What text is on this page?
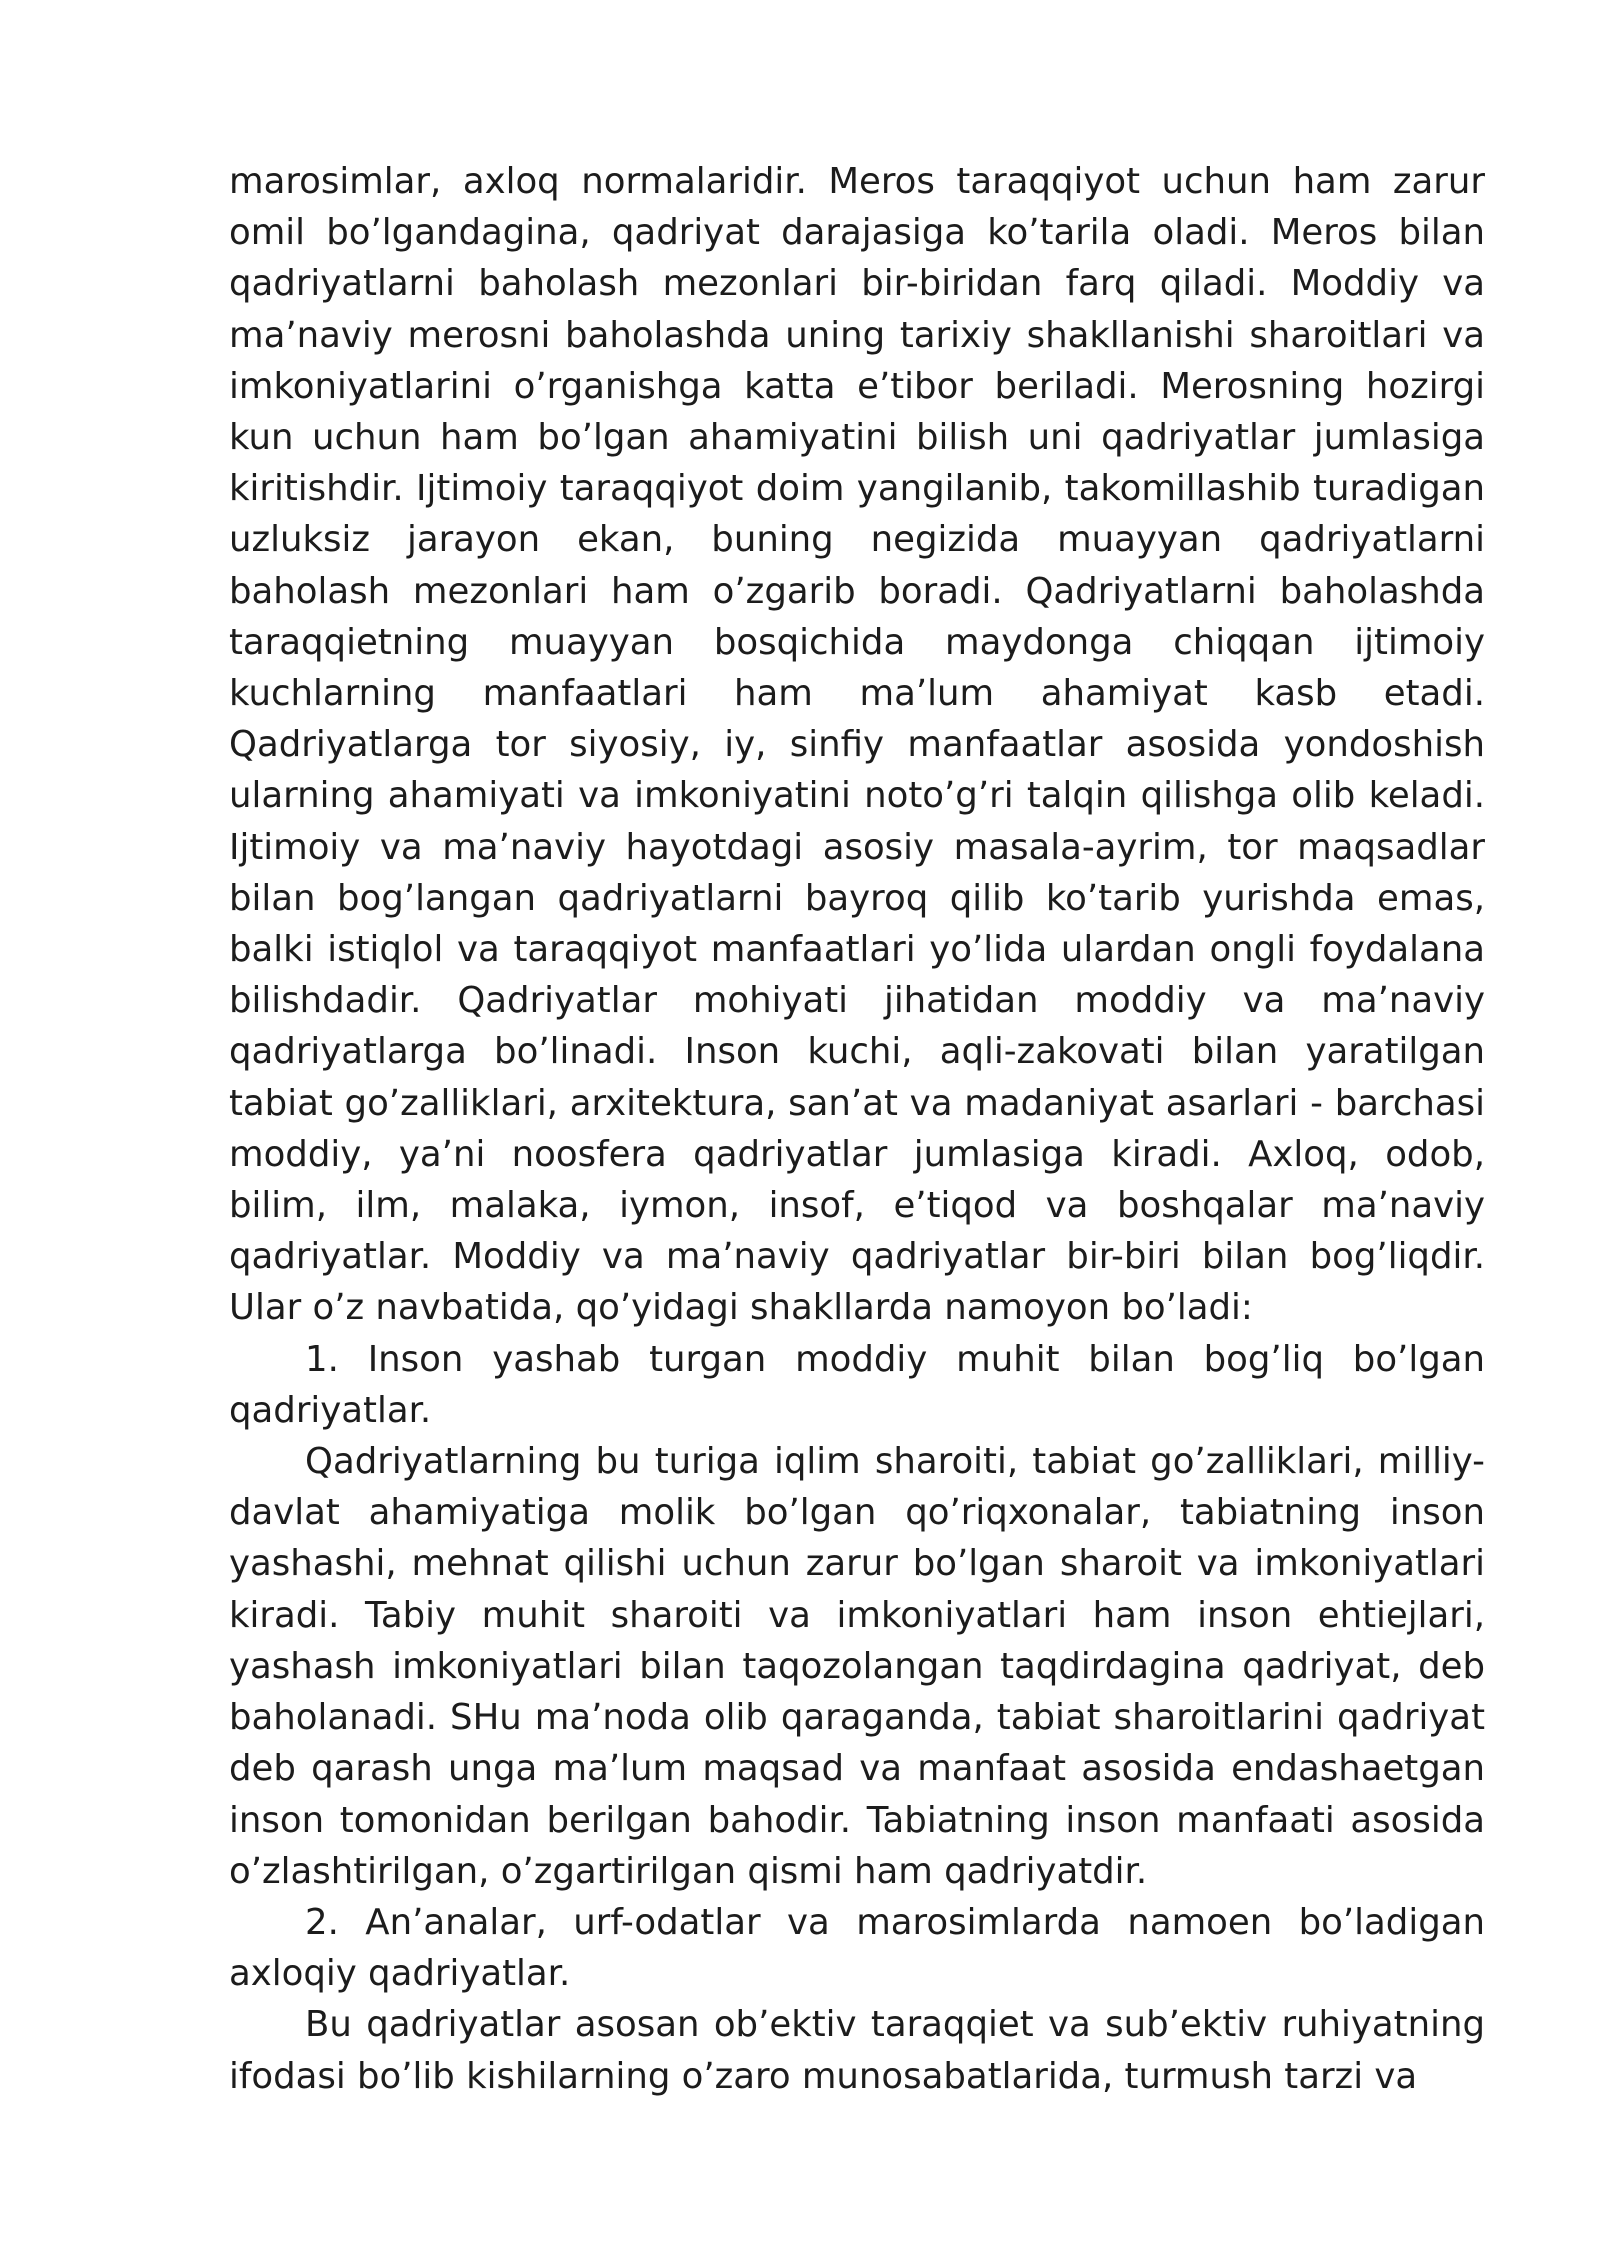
marosimlar, axloq normalaridir. Meros taraqqiyot uchun ham zarur omil bo’lgandagina, qadriyat darajasiga ko’tarila oladi. Meros bilan qadriyatlarni baholash mezonlari bir-biridan farq qiladi. Moddiy va ma’naviy merosni baholashda uning tarixiy shakllanishi sharoitlari va imkoniyatlarini o’rganishga katta e’tibor beriladi. Merosning hozirgi kun uchun ham bo’lgan ahamiyatini bilish uni qadriyatlar jumlasiga kiritishdir. Ijtimoiy taraqqiyot doim yangilanib, takomillashib turadigan uzluksiz jarayon ekan, buning negizida muayyan qadriyatlarni baholash mezonlari ham o’zgarib boradi. Qadriyatlarni baholashda taraqqietning muayyan bosqichida maydonga chiqqan ijtimoiy kuchlarning manfaatlari ham ma’lum ahamiyat kasb etadi. Qadriyatlarga tor siyosiy, iy, sinfiy manfaatlar asosida yondoshish ularning ahamiyati va imkoniyatini noto’g’ri talqin qilishga olib keladi. Ijtimoiy va ma’naviy hayotdagi asosiy masala-ayrim, tor maqsadlar bilan bog’langan qadriyatlarni bayroq qilib ko’tarib yurishda emas, balki istiqlol va taraqqiyot manfaatlari yo’lida ulardan ongli foydalana bilishdadir. Qadriyatlar mohiyati jihatidan moddiy va ma’naviy qadriyatlarga bo’linadi. Inson kuchi, aqli-zakovati bilan yaratilgan tabiat go’zalliklari, arxitektura, san’at va madaniyat asarlari - barchasi moddiy, ya’ni noosfera qadriyatlar jumlasiga kiradi. Axloq, odob, bilim, ilm, malaka, iymon, insof, e’tiqod va boshqalar ma’naviy qadriyatlar. Moddiy va ma’naviy qadriyatlar bir-biri bilan bog’liqdir. Ular o’z navbatida, qo’yidagi shakllarda namoyon bo’ladi:

1. Inson yashab turgan moddiy muhit bilan bog’liq bo’lgan qadriyatlar.

Qadriyatlarning bu turiga iqlim sharoiti, tabiat go’zalliklari, milliy-davlat ahamiyatiga molik bo’lgan qo’riqxonalar, tabiatning inson yashashi, mehnat qilishi uchun zarur bo’lgan sharoit va imkoniyatlari kiradi. Tabiy muhit sharoiti va imkoniyatlari ham inson ehtiejlari, yashash imkoniyatlari bilan taqozolangan taqdirdagina qadriyat, deb baholanadi. SHu ma’noda olib qaraganda, tabiat sharoitlarini qadriyat deb qarash unga ma’lum maqsad va manfaat asosida endashaetgan inson tomonidan berilgan bahodir. Tabiatning inson manfaati asosida o’zlashtirilgan, o’zgartirilgan qismi ham qadriyatdir.

2. An’analar, urf-odatlar va marosimlarda namoen bo’ladigan axloqiy qadriyatlar.

Bu qadriyatlar asosan ob’ektiv taraqqiet va sub’ektiv ruhiyatning ifodasi bo’lib kishilarning o’zaro munosabatlarida, turmush tarzi va
